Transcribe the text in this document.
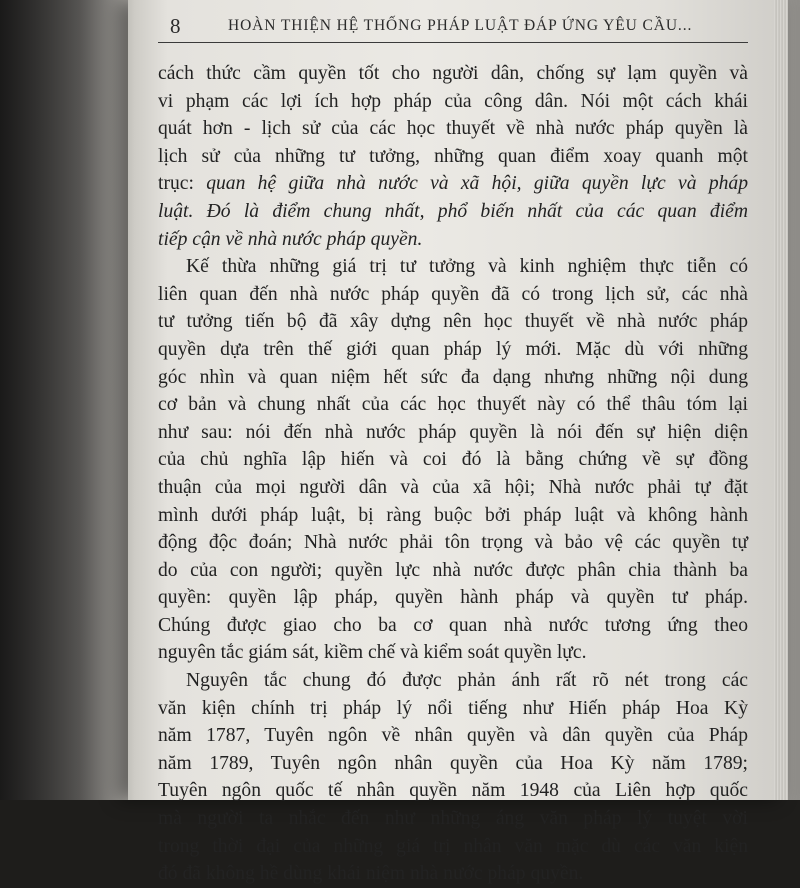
8	HOÀN THIỆN HỆ THỐNG PHÁP LUẬT ĐÁP ỨNG YÊU CẦU...
cách thức cầm quyền tốt cho người dân, chống sự lạm quyền và
vi phạm các lợi ích hợp pháp của công dân. Nói một cách khái
quát hơn - lịch sử của các học thuyết về nhà nước pháp quyền là
lịch sử của những tư tưởng, những quan điểm xoay quanh một
trục: quan hệ giữa nhà nước và xã hội, giữa quyền lực và pháp
luật. Đó là điểm chung nhất, phổ biến nhất của các quan điểm
tiếp cận về nhà nước pháp quyền.
Kế thừa những giá trị tư tưởng và kinh nghiệm thực tiễn có
liên quan đến nhà nước pháp quyền đã có trong lịch sử, các nhà
tư tưởng tiến bộ đã xây dựng nên học thuyết về nhà nước pháp
quyền dựa trên thế giới quan pháp lý mới. Mặc dù với những
góc nhìn và quan niệm hết sức đa dạng nhưng những nội dung
cơ bản và chung nhất của các học thuyết này có thể thâu tóm lại
như sau: nói đến nhà nước pháp quyền là nói đến sự hiện diện
của chủ nghĩa lập hiến và coi đó là bằng chứng về sự đồng
thuận của mọi người dân và của xã hội; Nhà nước phải tự đặt
mình dưới pháp luật, bị ràng buộc bởi pháp luật và không hành
động độc đoán; Nhà nước phải tôn trọng và bảo vệ các quyền tự
do của con người; quyền lực nhà nước được phân chia thành ba
quyền: quyền lập pháp, quyền hành pháp và quyền tư pháp.
Chúng được giao cho ba cơ quan nhà nước tương ứng theo
nguyên tắc giám sát, kiềm chế và kiểm soát quyền lực.
Nguyên tắc chung đó được phản ánh rất rõ nét trong các
văn kiện chính trị pháp lý nổi tiếng như Hiến pháp Hoa Kỳ
năm 1787, Tuyên ngôn về nhân quyền và dân quyền của Pháp
năm 1789, Tuyên ngôn nhân quyền của Hoa Kỳ năm 1789;
Tuyên ngôn quốc tế nhân quyền năm 1948 của Liên hợp quốc
mà người ta nhắc đến như những áng văn pháp lý tuyệt vời
trong thời đại của những giá trị nhân văn mặc dù các văn kiện
đó đã không hề dùng khái niệm nhà nước pháp quyền.
